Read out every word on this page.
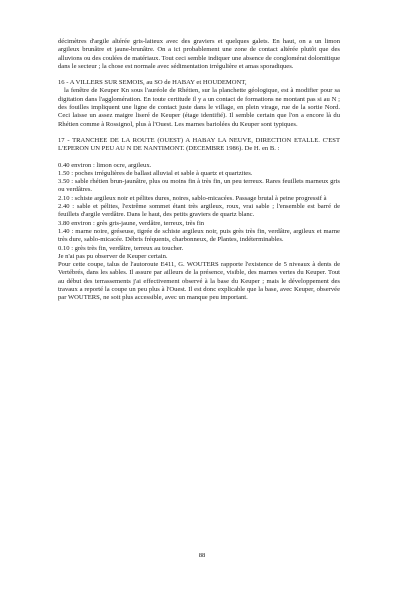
décimètres d'argile altérée gris-laiteux avec des graviers et quelques galets. En haut, on a un limon argileux brunâtre et jaune-brunâtre. On a ici probablement une zone de contact altérée plutôt que des alluvions ou des coulées de matériaux. Tout ceci semble indiquer une absence de conglomérat dolomitique dans le secteur ; la chose est normale avec sédimentation irrégulière et amas sporadiques.

16 - A VILLERS SUR SEMOIS, au SO de HABAY et HOUDEMONT,

la fenêtre de Keuper Kn sous l'auréole de Rhétien, sur la planchette géologique, est à modifier pour sa digitation dans l'agglomération. En toute certitude il y a un contact de formations ne montant pas si au N ; des fouilles impliquent une ligne de contact juste dans le village, en plein virage, rue de la sortie Nord. Ceci laisse un assez maigre liseré de Keuper (étage identifié). Il semble certain que l'on a encore là du Rhétien comme à Rossignol, plus à l'Ouest. Les marnes bariolées du Keuper sont typiques.

17 - TRANCHEE DE LA ROUTE (OUEST) A HABAY LA NEUVE, DIRECTION ETALLE. C'EST L'EPERON UN PEU AU N DE NANTIMONT. (DECEMBRE 1986). De H. en B. :

0.40 environ : limon ocre, argileux.

1.50 : poches irrégulières de ballast alluvial et sable à quartz et quartzites.

3.50 : sable rhétien brun-jaunâtre, plus ou moins fin à très fin, un peu terreux. Rares feuillets marneux gris ou verdâtres.

2.10 : schiste argileux noir et pélites dures, noires, sablo-micacées. Passage brutal à peine progressif à

2.40 : sable et pélites, l'extrême sommet étant très argileux, roux, vrai sable ; l'ensemble est barré de feuillets d'argile verdâtre. Dans le haut, des petits graviers de quartz blanc.

3.80 environ : grès gris-jaune, verdâtre, terreux, très fin

1.40 : marne noire, gréseuse, tigrée de schiste argileux noir, puis grès très fin, verdâtre, argileux et marne très dure, sablo-micacée. Débris fréquents, charbonneux, de Plantes, indéterminables.

0.10 : grès très fin, verdâtre, terreux au toucher.

Je n'ai pas pu observer de Keuper certain.

Pour cette coupe, talus de l'autoroute E411, G. WOUTERS rapporte l'existence de 5 niveaux à dents de Vertébrés, dans les sables. Il assure par ailleurs de la présence, visible, des marnes vertes du Keuper. Tout au début des terrassements j'ai effectivement observé à la base du Keuper ; mais le développement des travaux a reporté la coupe un peu plus à l'Ouest. Il est donc explicable que la base, avec Keuper, observée par WOUTERS, ne soit plus accessible, avec un manque peu important.

88
